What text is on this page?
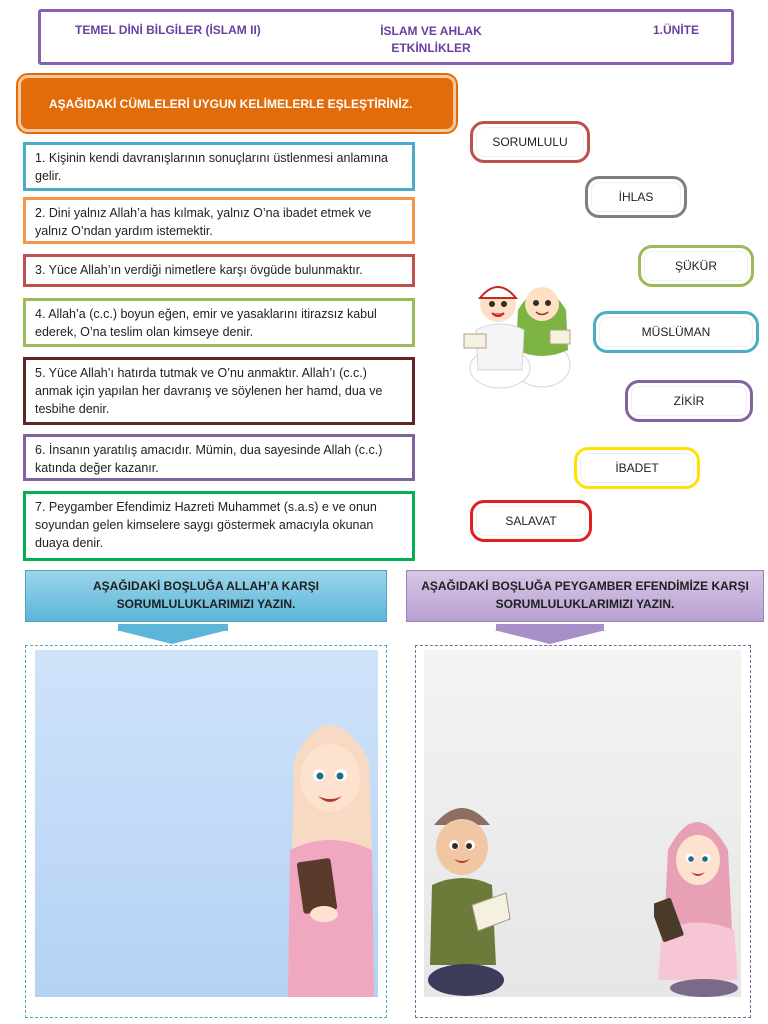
TEMEL DİNİ BİLGİLER (İSLAM II)	İSLAM VE AHLAK ETKİNLİKLER
1.ÜNİTE
AŞAĞIDAKİ CÜMLELERİ UYGUN KELİMELERLE EŞLEŞTİRİNİZ.
1. Kişinin kendi davranışlarının sonuçlarını üstlenmesi anlamına gelir.
2. Dini yalnız Allah’a has kılmak, yalnız O’na ibadet etmek ve yalnız O’ndan yardım istemektir.
3. Yüce Allah’ın verdiği nimetlere karşı övgüde bulunmaktır.
4. Allah’a (c.c.) boyun eğen, emir ve yasaklarını itirazsız kabul ederek, O’na teslim olan kimseye denir.
5. Yüce Allah’ı hatırda tutmak ve O’nu anmaktır. Allah’ı (c.c.) anmak için yapılan her davranış ve söylenen her hamd, dua ve tesbihe denir.
6. İnsanın yaratılış amacıdır. Mümin, dua sayesinde Allah (c.c.) katında değer kazanır.
7. Peygamber Efendimiz Hazreti Muhammet (s.a.s) e ve onun soyundan gelen kimselere saygı göstermek amacıyla okunan duaya denir.
SORUMLULU
İHLAS
ŞÜKÜR
MÜSLÜMAN
ZİKİR
İBADET
SALAVAT
AŞAĞIDAKİ BOŞLUĞA ALLAH’A KARŞI SORUMLULUKLARIMIZI YAZIN.
AŞAĞIDAKİ BOŞLUĞA PEYGAMBER EFENDİMİZE KARŞI SORUMLULUKLARIMIZI YAZIN.
